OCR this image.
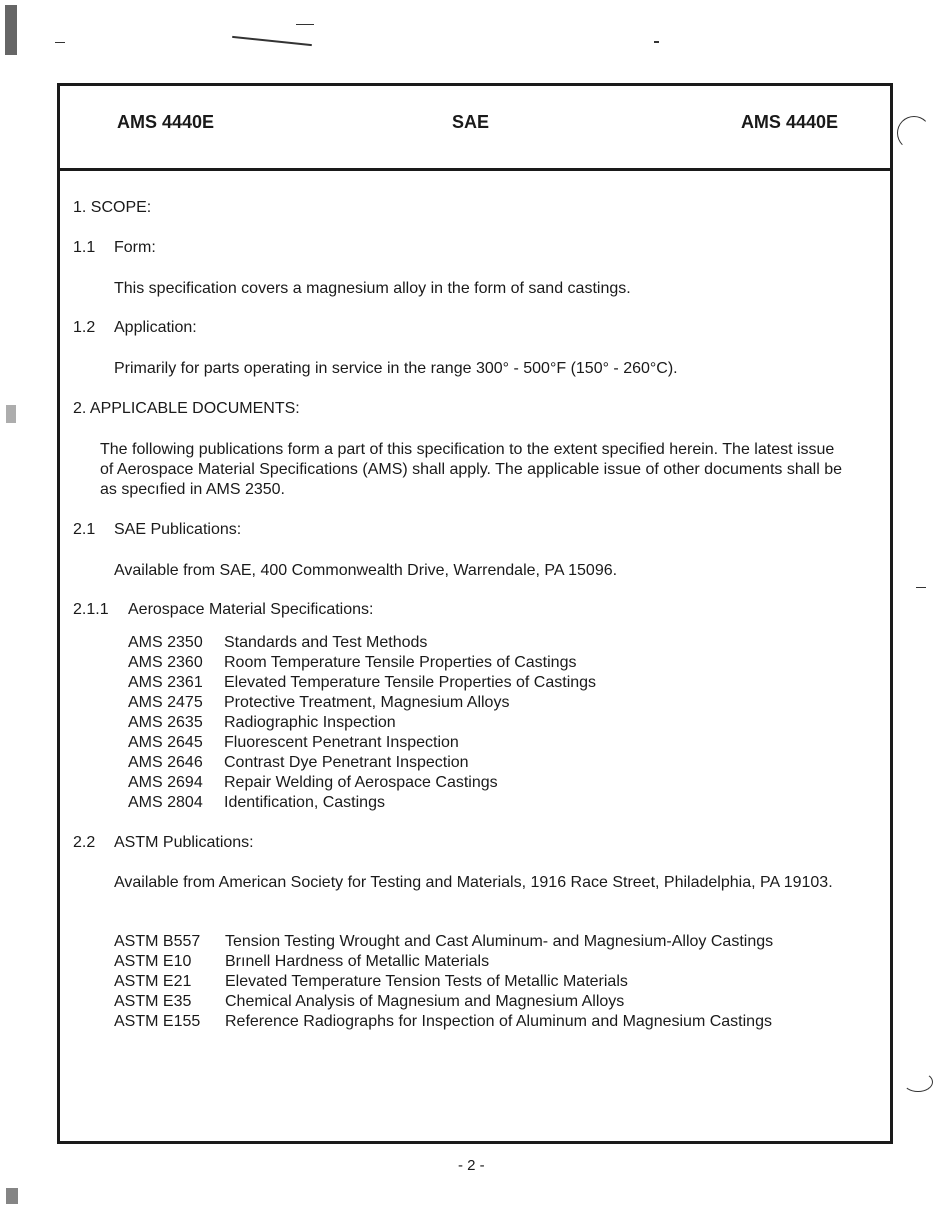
AMS 4440E	SAE	AMS 4440E
1. SCOPE:
1.1 Form:
This specification covers a magnesium alloy in the form of sand castings.
1.2 Application:
Primarily for parts operating in service in the range 300° - 500°F (150° - 260°C).
2. APPLICABLE DOCUMENTS:
The following publications form a part of this specification to the extent specified herein. The latest issue of Aerospace Material Specifications (AMS) shall apply. The applicable issue of other documents shall be as specıfied in AMS 2350.
2.1 SAE Publications:
Available from SAE, 400 Commonwealth Drive, Warrendale, PA 15096.
2.1.1 Aerospace Material Specifications:
AMS 2350 Standards and Test Methods
AMS 2360 Room Temperature Tensile Properties of Castings
AMS 2361 Elevated Temperature Tensile Properties of Castings
AMS 2475 Protective Treatment, Magnesium Alloys
AMS 2635 Radiographic Inspection
AMS 2645 Fluorescent Penetrant Inspection
AMS 2646 Contrast Dye Penetrant Inspection
AMS 2694 Repair Welding of Aerospace Castings
AMS 2804 Identification, Castings
2.2 ASTM Publications:
Available from American Society for Testing and Materials, 1916 Race Street, Philadelphia, PA 19103.
ASTM B557 Tension Testing Wrought and Cast Aluminum- and Magnesium-Alloy Castings
ASTM E10 Brınell Hardness of Metallic Materials
ASTM E21 Elevated Temperature Tension Tests of Metallic Materials
ASTM E35 Chemical Analysis of Magnesium and Magnesium Alloys
ASTM E155 Reference Radiographs for Inspection of Aluminum and Magnesium Castings
- 2 -
